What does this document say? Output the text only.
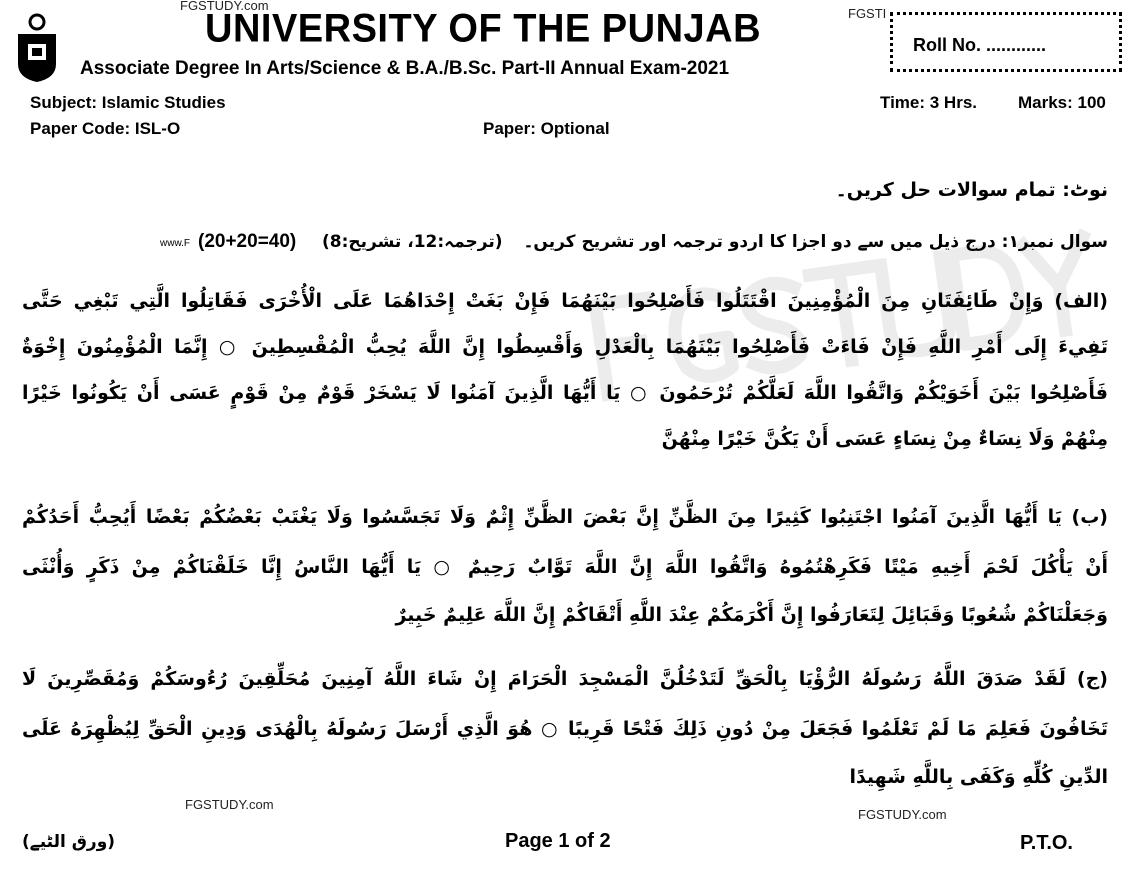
FGSTUDY.com
FGSTI
UNIVERSITY OF THE PUNJAB
Associate Degree In Arts/Science & B.A./B.Sc. Part-II Annual Exam-2021
Roll No. ............
Subject: Islamic Studies	Time: 3 Hrs. Marks: 100
Paper Code: ISL-O	Paper: Optional
نوٹ: تمام سوالات حل کریں۔
سوال نمبر۱: درج ذیل میں سے دو اجزا کا اردو ترجمہ اور تشریح کریں۔
(ترجمہ:12، تشریح:8)
(20+20=40)
www.F
(الف) وَإِنْ طَائِفَتَانِ مِنَ الْمُؤْمِنِينَ اقْتَتَلُوا فَأَصْلِحُوا بَيْنَهُمَا فَإِنْ بَغَتْ إِحْدَاهُمَا عَلَى الْأُخْرَى فَقَاتِلُوا الَّتِي تَبْغِي حَتَّى
تَفِيءَ إِلَى أَمْرِ اللَّهِ فَإِنْ فَاءَتْ فَأَصْلِحُوا بَيْنَهُمَا بِالْعَدْلِ وَأَقْسِطُوا إِنَّ اللَّهَ يُحِبُّ الْمُقْسِطِينَ ○ إِنَّمَا الْمُؤْمِنُونَ إِخْوَةٌ
فَأَصْلِحُوا بَيْنَ أَخَوَيْكُمْ وَاتَّقُوا اللَّهَ لَعَلَّكُمْ تُرْحَمُونَ ○ يَا أَيُّهَا الَّذِينَ آمَنُوا لَا يَسْخَرْ قَوْمٌ مِنْ قَوْمٍ عَسَى أَنْ يَكُونُوا خَيْرًا
مِنْهُمْ وَلَا نِسَاءٌ مِنْ نِسَاءٍ عَسَى أَنْ يَكُنَّ خَيْرًا مِنْهُنَّ
(ب) يَا أَيُّهَا الَّذِينَ آمَنُوا اجْتَنِبُوا كَثِيرًا مِنَ الظَّنِّ إِنَّ بَعْضَ الظَّنِّ إِثْمٌ وَلَا تَجَسَّسُوا وَلَا يَغْتَبْ بَعْضُكُمْ بَعْضًا أَيُحِبُّ أَحَدُكُمْ
أَنْ يَأْكُلَ لَحْمَ أَخِيهِ مَيْتًا فَكَرِهْتُمُوهُ وَاتَّقُوا اللَّهَ إِنَّ اللَّهَ تَوَّابٌ رَحِيمٌ ○ يَا أَيُّهَا النَّاسُ إِنَّا خَلَقْنَاكُمْ مِنْ ذَكَرٍ وَأُنْثَى
وَجَعَلْنَاكُمْ شُعُوبًا وَقَبَائِلَ لِتَعَارَفُوا إِنَّ أَكْرَمَكُمْ عِنْدَ اللَّهِ أَتْقَاكُمْ إِنَّ اللَّهَ عَلِيمٌ خَبِيرٌ
(ج) لَقَدْ صَدَقَ اللَّهُ رَسُولَهُ الرُّؤْيَا بِالْحَقِّ لَتَدْخُلُنَّ الْمَسْجِدَ الْحَرَامَ إِنْ شَاءَ اللَّهُ آمِنِينَ مُحَلِّقِينَ رُءُوسَكُمْ وَمُقَصِّرِينَ لَا
تَخَافُونَ فَعَلِمَ مَا لَمْ تَعْلَمُوا فَجَعَلَ مِنْ دُونِ ذَلِكَ فَتْحًا قَرِيبًا ○ هُوَ الَّذِي أَرْسَلَ رَسُولَهُ بِالْهُدَى وَدِينِ الْحَقِّ لِيُظْهِرَهُ عَلَى
الدِّينِ كُلِّهِ وَكَفَى بِاللَّهِ شَهِيدًا
FGSTUDY.com
FGSTUDY.com
(ورق الٹیے)	Page 1 of 2	P.T.O.
